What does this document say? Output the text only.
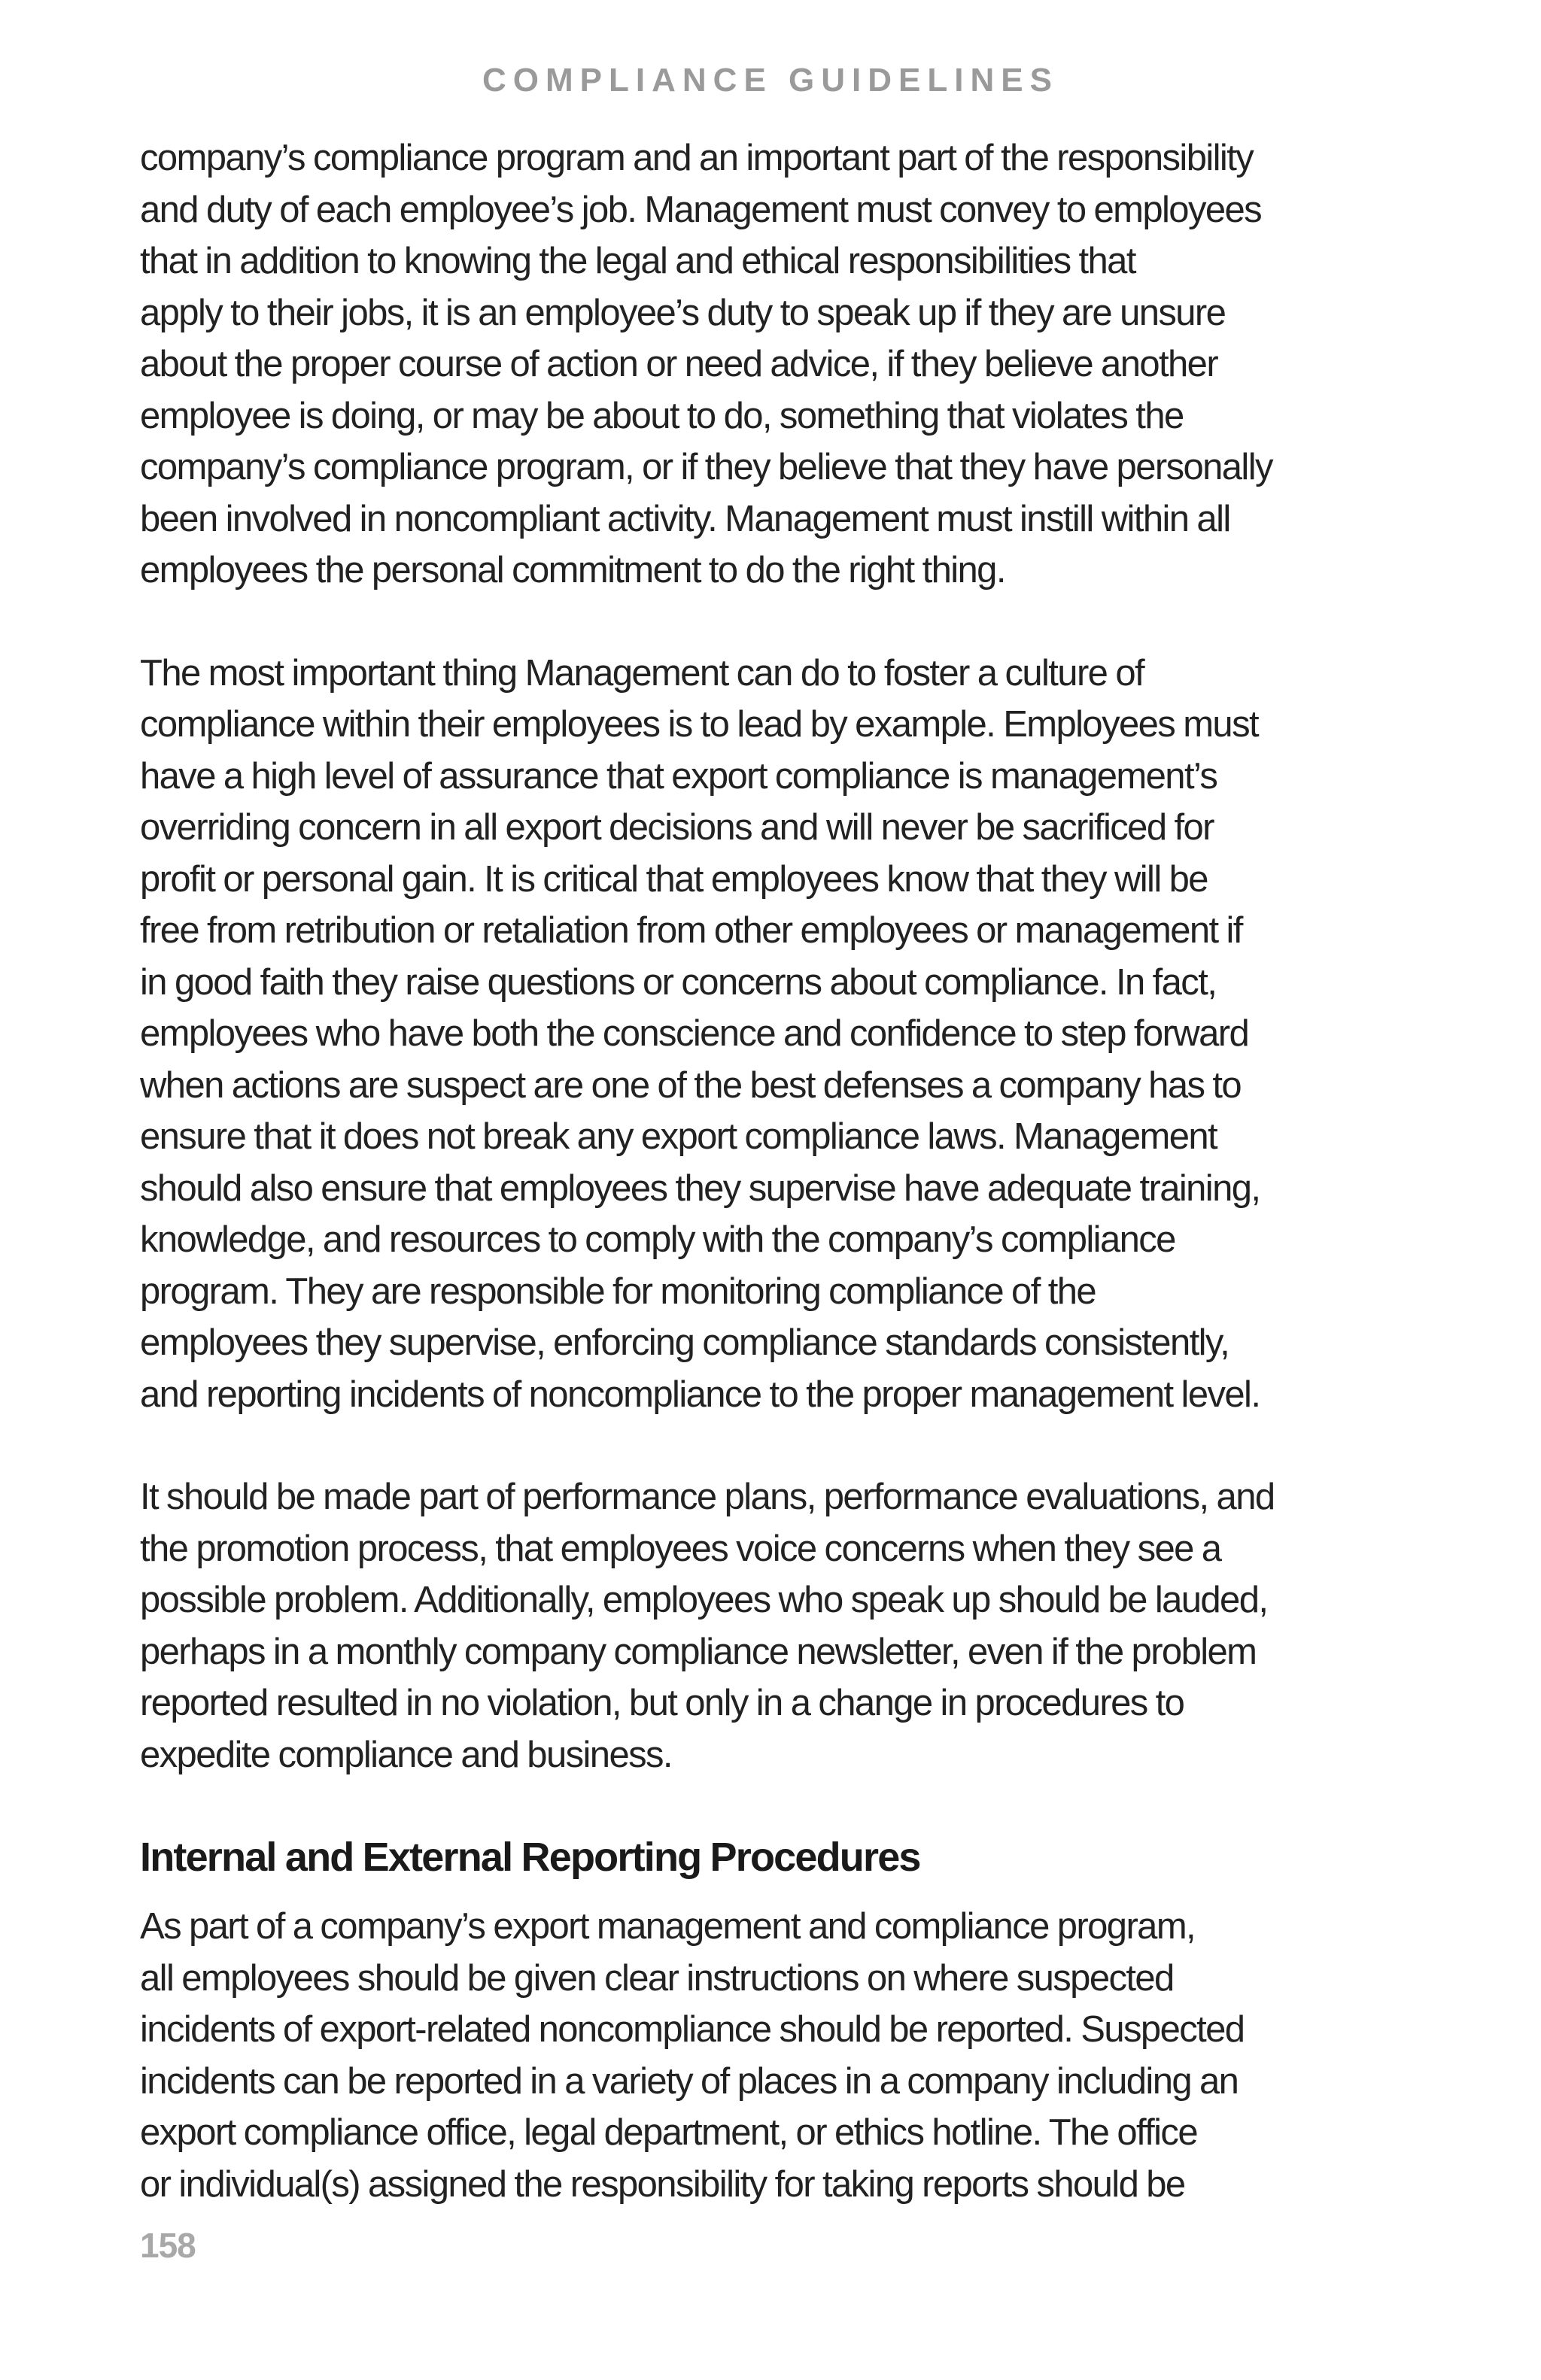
COMPLIANCE GUIDELINES
company’s compliance program and an important part of the responsibility
and duty of each employee’s job. Management must convey to employees
that in addition to knowing the legal and ethical responsibilities that
apply to their jobs, it is an employee’s duty to speak up if they are unsure
about the proper course of action or need advice, if they believe another
employee is doing, or may be about to do, something that violates the
company’s compliance program, or if they believe that they have personally
been involved in noncompliant activity. Management must instill within all
employees the personal commitment to do the right thing.
The most important thing Management can do to foster a culture of
compliance within their employees is to lead by example. Employees must
have a high level of assurance that export compliance is management’s
overriding concern in all export decisions and will never be sacrificed for
profit or personal gain. It is critical that employees know that they will be
free from retribution or retaliation from other employees or management if
in good faith they raise questions or concerns about compliance. In fact,
employees who have both the conscience and confidence to step forward
when actions are suspect are one of the best defenses a company has to
ensure that it does not break any export compliance laws. Management
should also ensure that employees they supervise have adequate training,
knowledge, and resources to comply with the company’s compliance
program. They are responsible for monitoring compliance of the
employees they supervise, enforcing compliance standards consistently,
and reporting incidents of noncompliance to the proper management level.
It should be made part of performance plans, performance evaluations, and
the promotion process, that employees voice concerns when they see a
possible problem. Additionally, employees who speak up should be lauded,
perhaps in a monthly company compliance newsletter, even if the problem
reported resulted in no violation, but only in a change in procedures to
expedite compliance and business.
Internal and External Reporting Procedures
As part of a company’s export management and compliance program,
all employees should be given clear instructions on where suspected
incidents of export-related noncompliance should be reported. Suspected
incidents can be reported in a variety of places in a company including an
export compliance office, legal department, or ethics hotline. The office
or individual(s) assigned the responsibility for taking reports should be
158
